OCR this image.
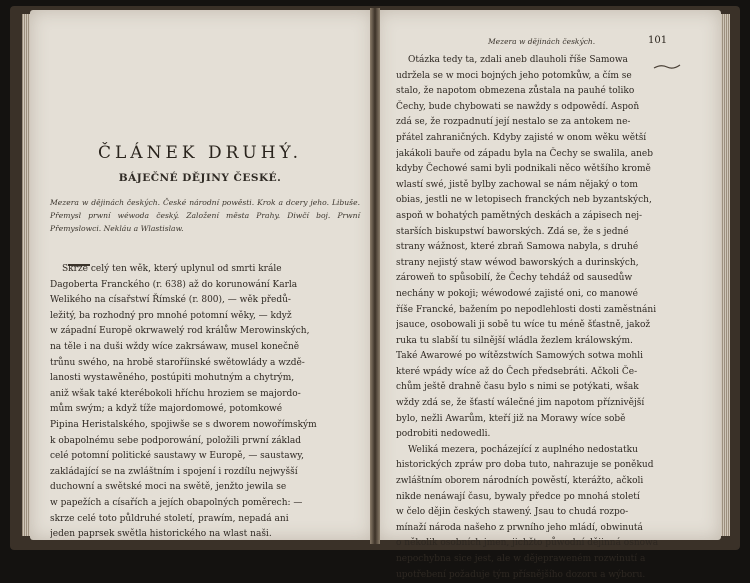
ČLÁNEK DRUHÝ.
BÁJEČNÉ DĚJINY ČESKÉ.
Mezera w dějinách českých. České národní powěsti. Krok a dcery jeho. Libuše. Přemysl prwní wéwoda český. Založení města Prahy. Diwčí boj. Prwní Přemyslowci. Nekláu a Wlastislaw.
Skrze celý ten wěk, který uplynul od smrti krále
Dagoberta Franckého (r. 638) až do korunowání Karla
Welikého na císařstwí Římské (r. 800), — wěk předů-
ležitý, ba rozhodný pro mnohé potomní wěky, — když
w západní Europě okrwawelý rod králůw Merowinských,
na těle i na duši wždy wíce zakrsáwaw, musel konečně
trůnu swého, na hrobě staroříinské swětowlády a wzdě-
lanosti wystawěného, postúpiti mohutným a chytrým,
aniž wšak také kterébokoli hříchu hroziem se majordo-
mům swým; a když tíže majordomowé, potomkowé
Pipina Heristalského, spojiwše se s dworem nowořímským
k obapolnému sebe podporowání, položili prwní základ
celé potomní politické saustawy w Europě, — saustawy,
zakládající se na zwláštním i spojení i rozdílu nejwyšší
duchowní a swětské moci na swětě, jenžto jewila se
w papežích a císařích a jejích obapolných poměrech: —
skrze celé toto půldruhé století, prawím, nepadá ani
jeden paprsek swětla historického na wlast naši.
Mezera w dějinách českých.	101
Otázka tedy ta, zdali aneb dlauholi říše Samowa
udržela se w moci bojných jeho potomkůw, a čím se
stalo, že napotom obmezena zůstala na pauhé toliko
Čechy, bude chybowati se nawždy s odpowědí. Aspoň
zdá se, že rozpadnutí její nestalo se za antokem ne-
přátel zahraničných. Kdyby zajisté w onom wěku wětší
jakákoli bauře od západu byla na Čechy se swalila, aneb
kdyby Čechowé sami byli podnikali něco wětšího kromě
wlastí swé, jistě bylby zachowal se nám nějaký o tom
obias, jestli ne w letopisech franckých neb byzantských,
aspoň w bohatých pamětných deskách a zápisech nej-
starších biskupstwí baworských. Zdá se, že s jedné
strany wážnost, které zbraň Samowa nabyla, s druhé
strany nejistý staw wéwod baworských a durinských,
zároweň to spůsobilí, že Čechy tehdáž od sausedůw
nechány w pokoji; wéwodowé zajisté oni, co manowé
říše Francké, bažením po nepodlehlosti dosti zaměstnáni
jsauce, osobowali ji sobě tu wíce tu méně šťastně, jakož
ruka tu slabší tu silnější wládla žezlem králowským.
Také Awarowé po wítězstwích Samowých sotwa mohli
které wpády wíce až do Čech předsebráti. Ačkoli Če-
chům ještě drahně času bylo s nimi se potýkati, wšak
wždy zdá se, že šťastí wálečné jim napotom příznivější
bylo, nežli Awarům, kteří již na Morawy wíce sobě
podrobiti nedowedli.
Weliká mezera, pocházející z auplného nedostatku
historických zpráw pro doba tuto, nahrazuje se poněkud
zwláštním oborem národních powěstí, kterážto, ačkoli
nikde nenáwají času, bywaly předce po mnohá století
w čelo dějin českých stawený. Jsau to chudá rozpo-
mínaží národa našeho z prwního jeho mládí, obwinutá
o několik osobních jmen, jichžto půwodní dějinná osnowa
nepochybna sice jest, ale w dějepraweném rozwinutí a
upotřebení požaduje tým přísnějšího dozoru a wýboru.
